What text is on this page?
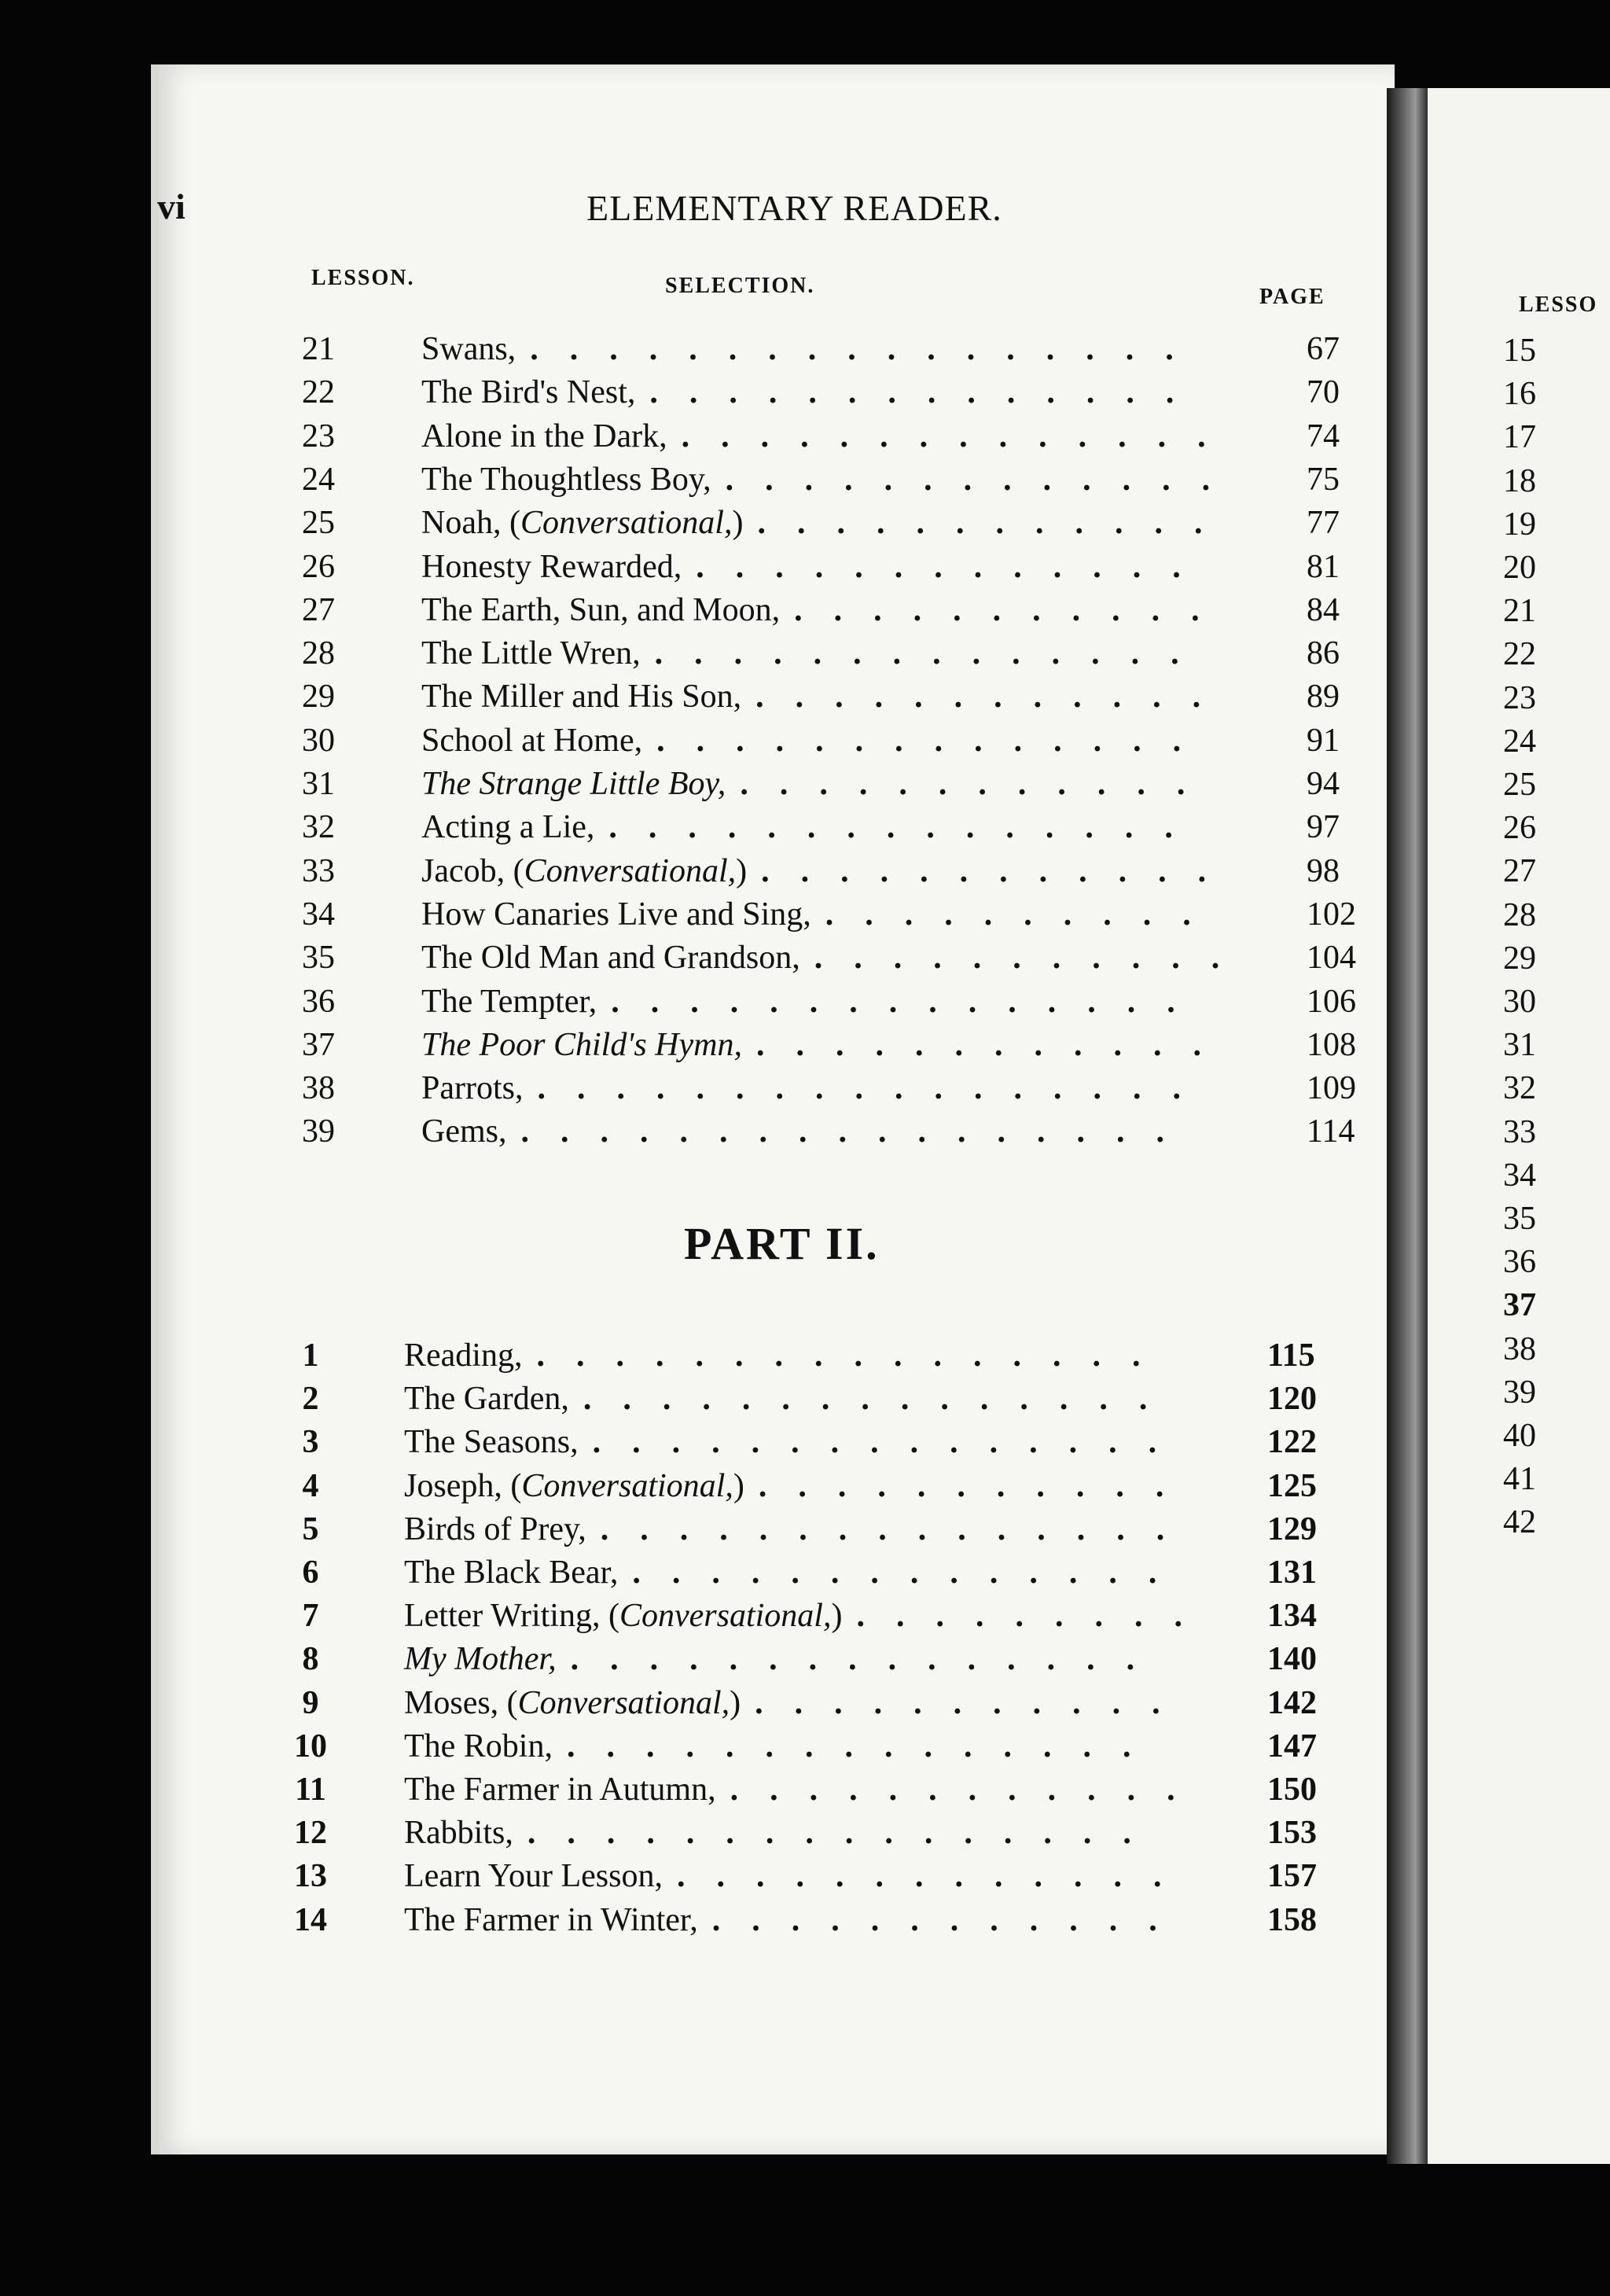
vi	ELEMENTARY READER.
LESSON.	SELECTION.	PAGE
21	Swans, .................	67
22	The Bird's Nest, ..............	70
23	Alone in the Dark, ..............	74
24	The Thoughtless Boy, .............	75
25	Noah, (Conversational,) ............	77
26	Honesty Rewarded, .............	81
27	The Earth, Sun, and Moon, ...........	84
28	The Little Wren, ..............	86
29	The Miller and His Son, ............	89
30	School at Home, ..............	91
31	The Strange Little Boy, ............	94
32	Acting a Lie, ...............	97
33	Jacob, (Conversational,) ............	98
34	How Canaries Live and Sing, ..........	102
35	The Old Man and Grandson, ...........	104
36	The Tempter, ...............	106
37	The Poor Child's Hymn, ............	108
38	Parrots, .................	109
39	Gems, .................	114
PART II.
1	Reading, ................	115
2	The Garden, ...............	120
3	The Seasons, ...............	122
4	Joseph, (Conversational,) ...........	125
5	Birds of Prey, ...............	129
6	The Black Bear, ..............	131
7	Letter Writing, (Conversational,) .........	134
8	My Mother, ...............	140
9	Moses, (Conversational,) ...........	142
10	The Robin, ...............	147
11	The Farmer in Autumn, ............	150
12	Rabbits, ................	153
13	Learn Your Lesson, .............	157
14	The Farmer in Winter, ............	158
LESSO
15
16
17
18
19
20
21
22
23
24
25
26
27
28
29
30
31
32
33
34
35
36
37
38
39
40
41
42
